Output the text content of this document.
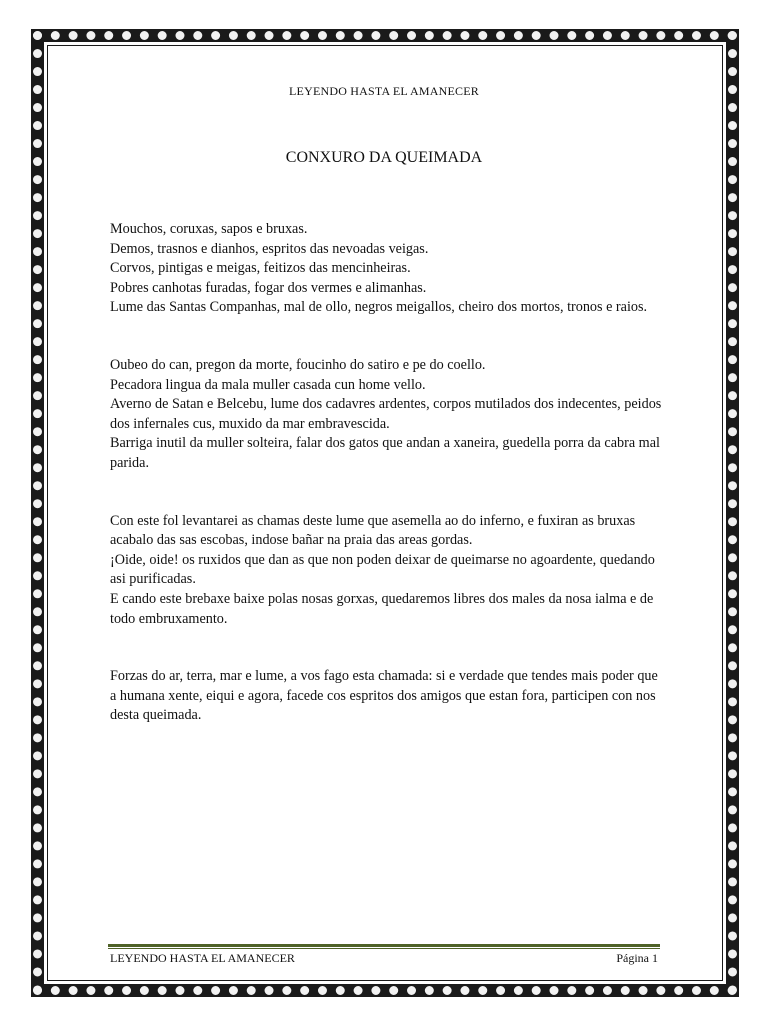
LEYENDO HASTA EL AMANECER
CONXURO DA QUEIMADA
Mouchos, coruxas, sapos e bruxas.
Demos, trasnos e dianhos, espritos das nevoadas veigas.
Corvos, pintigas e meigas, feitizos das mencinheiras.
Pobres canhotas furadas, fogar dos vermes e alimanhas.
Lume das Santas Companhas, mal de ollo, negros meigallos, cheiro dos mortos, tronos e raios.
Oubeo do can, pregon da morte, foucinho do satiro e pe do coello.
Pecadora lingua da mala muller casada cun home vello.
Averno de Satan e Belcebu, lume dos cadavres ardentes, corpos mutilados dos indecentes, peidos dos infernales cus, muxido da mar embravescida.
Barriga inutil da muller solteira, falar dos gatos que andan a xaneira, guedella porra da cabra mal parida.
Con este fol levantarei as chamas deste lume que asemella ao do inferno, e fuxiran as bruxas acabalo das sas escobas, indose bañar na praia das areas gordas.
¡Oide, oide! os ruxidos que dan as que non poden deixar de queimarse no agoardente, quedando asi purificadas.
E cando este brebaxe baixe polas nosas gorxas, quedaremos libres dos males da nosa ialma e de todo embruxamento.
Forzas do ar, terra, mar e lume, a vos fago esta chamada: si e verdade que tendes mais poder que a humana xente, eiqui e agora, facede cos espritos dos amigos que estan fora, participen con nos desta queimada.
LEYENDO HASTA EL AMANECER	Página 1
